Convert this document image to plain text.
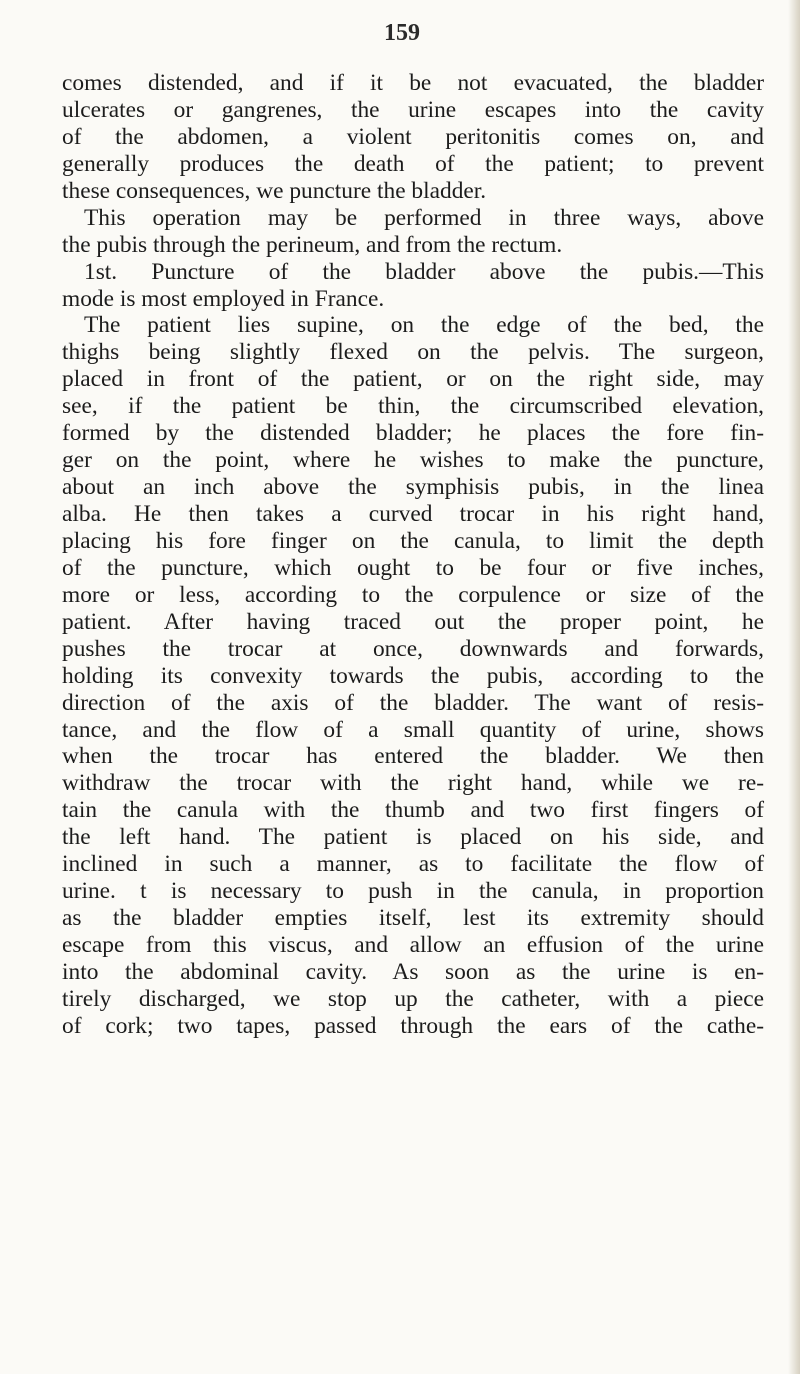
159
comes distended, and if it be not evacuated, the bladder
ulcerates or gangrenes, the urine escapes into the cavity
of the abdomen, a violent peritonitis comes on, and
generally produces the death of the patient; to prevent
these consequences, we puncture the bladder.
This operation may be performed in three ways, above
the pubis through the perineum, and from the rectum.
1st. Puncture of the bladder above the pubis.—This
mode is most employed in France.
The patient lies supine, on the edge of the bed, the
thighs being slightly flexed on the pelvis. The surgeon,
placed in front of the patient, or on the right side, may
see, if the patient be thin, the circumscribed elevation,
formed by the distended bladder; he places the fore fin-
ger on the point, where he wishes to make the puncture,
about an inch above the symphisis pubis, in the linea
alba. He then takes a curved trocar in his right hand,
placing his fore finger on the canula, to limit the depth
of the puncture, which ought to be four or five inches,
more or less, according to the corpulence or size of the
patient. After having traced out the proper point, he
pushes the trocar at once, downwards and forwards,
holding its convexity towards the pubis, according to the
direction of the axis of the bladder. The want of resis-
tance, and the flow of a small quantity of urine, shows
when the trocar has entered the bladder. We then
withdraw the trocar with the right hand, while we re-
tain the canula with the thumb and two first fingers of
the left hand. The patient is placed on his side, and
inclined in such a manner, as to facilitate the flow of
urine. t is necessary to push in the canula, in proportion
as the bladder empties itself, lest its extremity should
escape from this viscus, and allow an effusion of the urine
into the abdominal cavity. As soon as the urine is en-
tirely discharged, we stop up the catheter, with a piece
of cork; two tapes, passed through the ears of the cathe-
